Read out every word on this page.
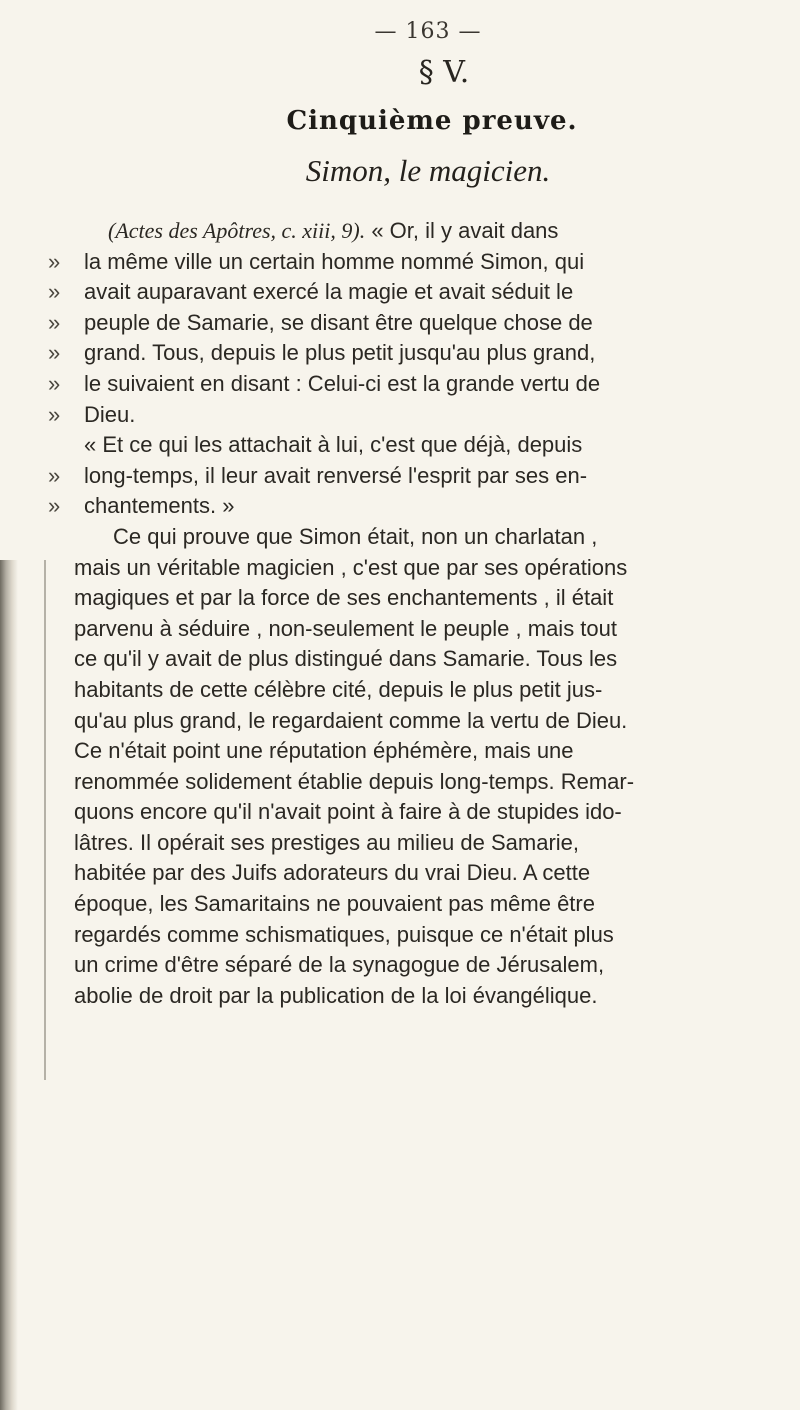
— 163 —
§ V.
Cinquième preuve.
Simon, le magicien.
(Actes des Apôtres, c. xiii, 9). « Or, il y avait dans
» la même ville un certain homme nommé Simon, qui
» avait auparavant exercé la magie et avait séduit le
» peuple de Samarie, se disant être quelque chose de
» grand. Tous, depuis le plus petit jusqu'au plus grand,
» le suivaient en disant : Celui-ci est la grande vertu de
» Dieu.
« Et ce qui les attachait à lui, c'est que déjà, depuis
» long-temps, il leur avait renversé l'esprit par ses en-
» chantements. »
Ce qui prouve que Simon était, non un charlatan ,
mais un véritable magicien , c'est que par ses opérations
magiques et par la force de ses enchantements , il était
parvenu à séduire , non-seulement le peuple , mais tout
ce qu'il y avait de plus distingué dans Samarie. Tous les
habitants de cette célèbre cité, depuis le plus petit jus-
qu'au plus grand, le regardaient comme la vertu de Dieu.
Ce n'était point une réputation éphémère, mais une
renommée solidement établie depuis long-temps. Remar-
quons encore qu'il n'avait point à faire à de stupides ido-
lâtres. Il opérait ses prestiges au milieu de Samarie,
habitée par des Juifs adorateurs du vrai Dieu. A cette
époque, les Samaritains ne pouvaient pas même être
regardés comme schismatiques, puisque ce n'était plus
un crime d'être séparé de la synagogue de Jérusalem,
abolie de droit par la publication de la loi évangélique.
